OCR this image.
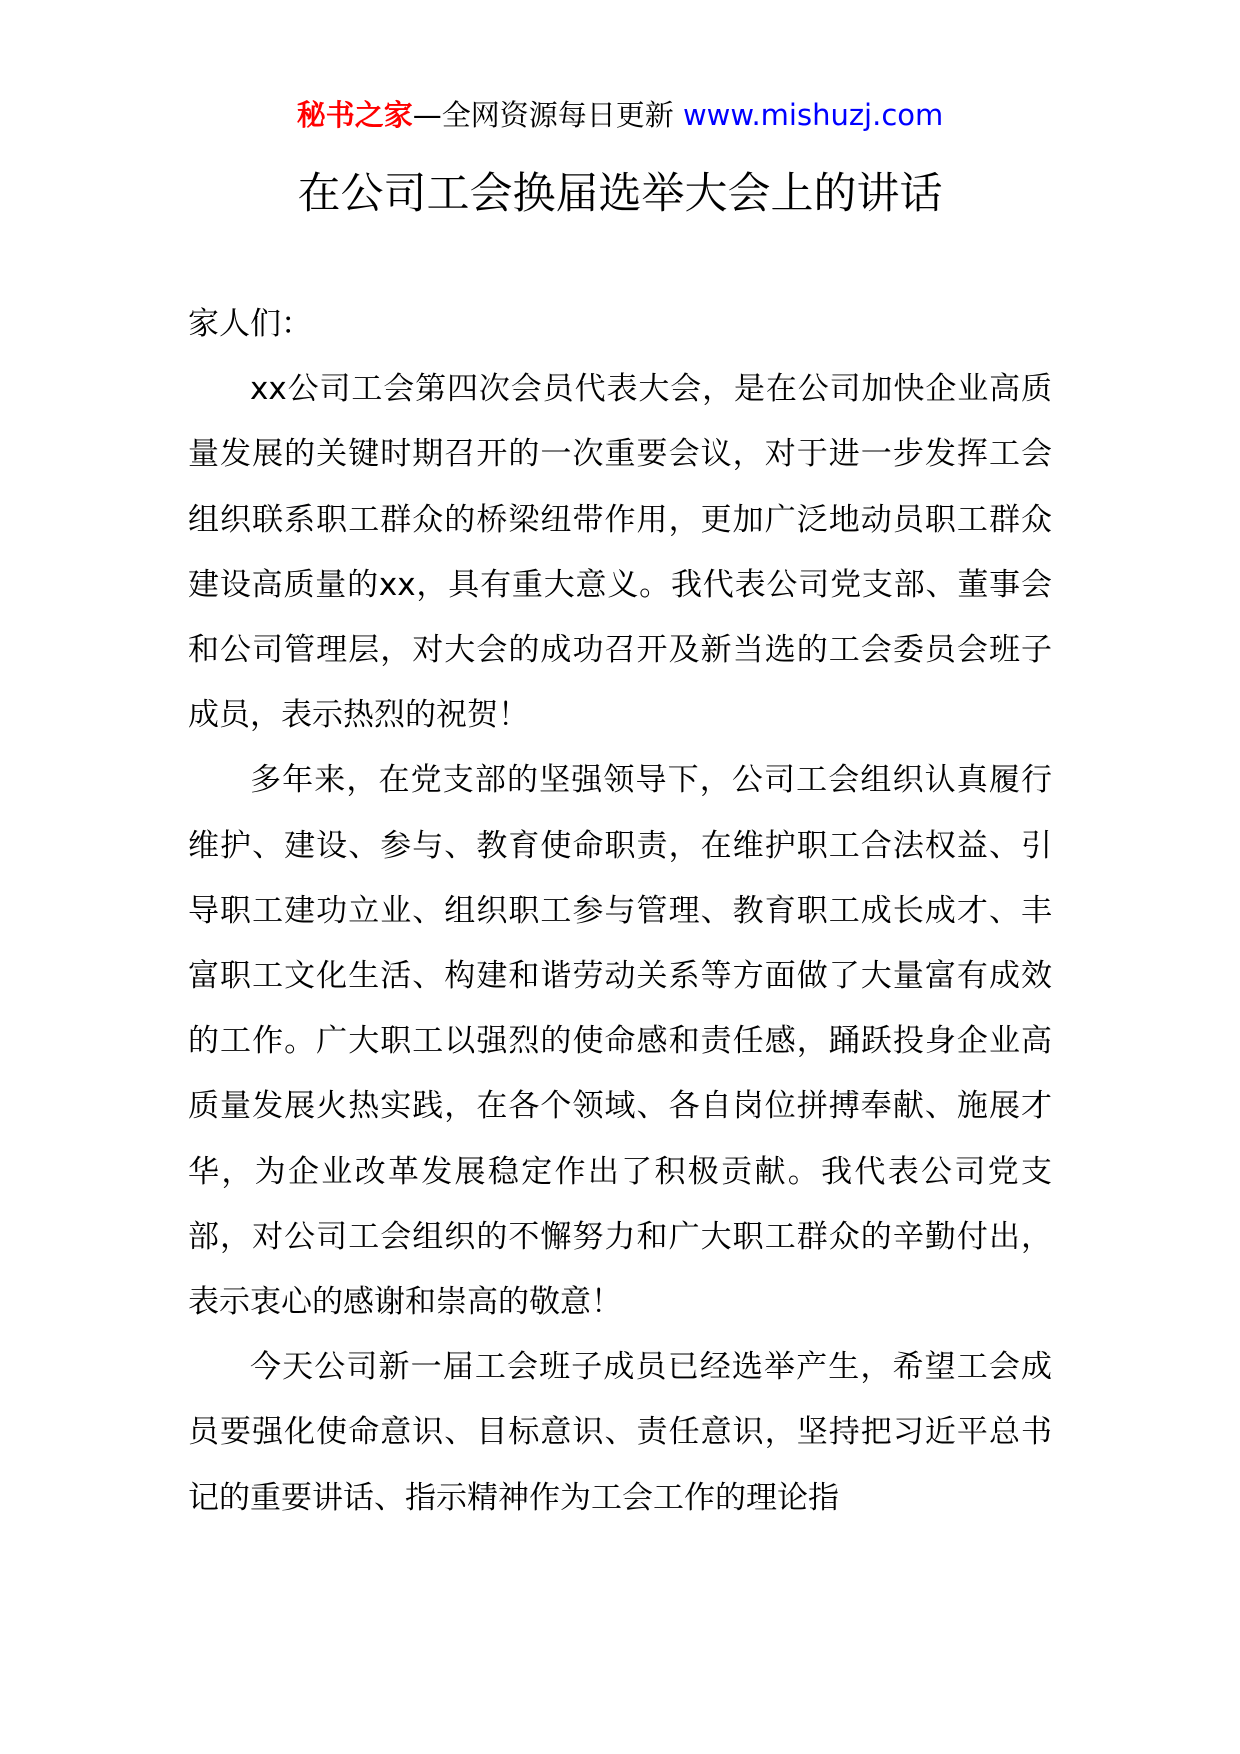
秘书之家—全网资源每日更新 www.mishuzj.com
在公司工会换届选举大会上的讲话

家人们：

xx公司工会第四次会员代表大会，是在公司加快企业高质量发展的关键时期召开的一次重要会议，对于进一步发挥工会组织联系职工群众的桥梁纽带作用，更加广泛地动员职工群众建设高质量的xx，具有重大意义。我代表公司党支部、董事会和公司管理层，对大会的成功召开及新当选的工会委员会班子成员，表示热烈的祝贺！

多年来，在党支部的坚强领导下，公司工会组织认真履行维护、建设、参与、教育使命职责，在维护职工合法权益、引导职工建功立业、组织职工参与管理、教育职工成长成才、丰富职工文化生活、构建和谐劳动关系等方面做了大量富有成效的工作。广大职工以强烈的使命感和责任感，踊跃投身企业高质量发展火热实践，在各个领域、各自岗位拼搏奉献、施展才华，为企业改革发展稳定作出了积极贡献。我代表公司党支部，对公司工会组织的不懈努力和广大职工群众的辛勤付出，表示衷心的感谢和崇高的敬意！

今天公司新一届工会班子成员已经选举产生，希望工会成员要强化使命意识、目标意识、责任意识，坚持把习近平总书记的重要讲话、指示精神作为工会工作的理论指
